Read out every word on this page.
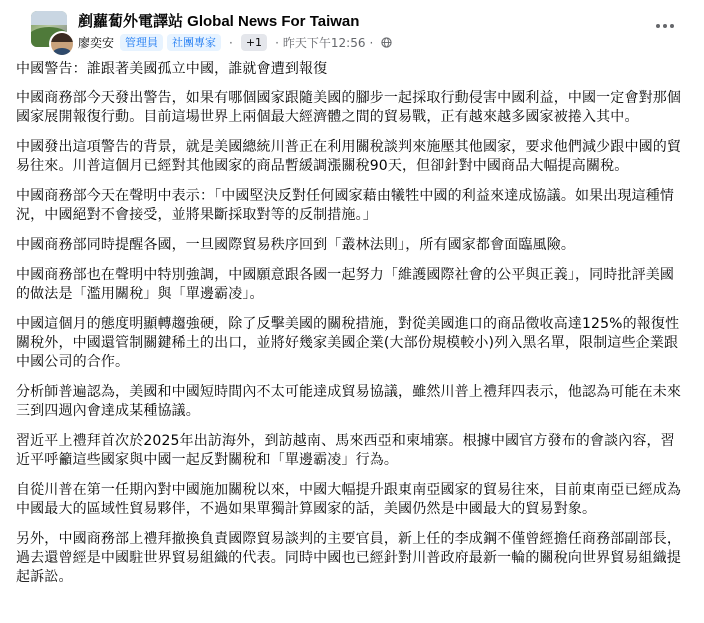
剷蘿蔔外電譯站 Global News For Taiwan
廖奕安	管理員	社團專家	·	+1	· 昨天下午12:56 ·

中國警告：誰跟著美國孤立中國，誰就會遭到報復

中國商務部今天發出警告，如果有哪個國家跟隨美國的腳步一起採取行動侵害中國利益，中國一定會對那個國家展開報復行動。目前這場世界上兩個最大經濟體之間的貿易戰，正有越來越多國家被捲入其中。

中國發出這項警告的背景，就是美國總統川普正在利用關稅談判來施壓其他國家，要求他們減少跟中國的貿易往來。川普這個月已經對其他國家的商品暫緩調漲關稅90天，但卻針對中國商品大幅提高關稅。

中國商務部今天在聲明中表示：「中國堅決反對任何國家藉由犧牲中國的利益來達成協議。如果出現這種情況，中國絕對不會接受，並將果斷採取對等的反制措施。」

中國商務部同時提醒各國，一旦國際貿易秩序回到「叢林法則」，所有國家都會面臨風險。

中國商務部也在聲明中特別強調，中國願意跟各國一起努力「維護國際社會的公平與正義」，同時批評美國的做法是「濫用關稅」與「單邊霸凌」。

中國這個月的態度明顯轉趨強硬，除了反擊美國的關稅措施，對從美國進口的商品徵收高達125%的報復性關稅外，中國還管制關鍵稀土的出口，並將好幾家美國企業(大部份規模較小)列入黑名單，限制這些企業跟中國公司的合作。

分析師普遍認為，美國和中國短時間內不太可能達成貿易協議，雖然川普上禮拜四表示，他認為可能在未來三到四週內會達成某種協議。

習近平上禮拜首次於2025年出訪海外，到訪越南、馬來西亞和柬埔寨。根據中國官方發布的會談內容，習近平呼籲這些國家與中國一起反對關稅和「單邊霸凌」行為。

自從川普在第一任期內對中國施加關稅以來，中國大幅提升跟東南亞國家的貿易往來，目前東南亞已經成為中國最大的區域性貿易夥伴，不過如果單獨計算國家的話，美國仍然是中國最大的貿易對象。

另外，中國商務部上禮拜撤換負責國際貿易談判的主要官員，新上任的李成鋼不僅曾經擔任商務部副部長，過去還曾經是中國駐世界貿易組織的代表。同時中國也已經針對川普政府最新一輪的關稅向世界貿易組織提起訴訟。
